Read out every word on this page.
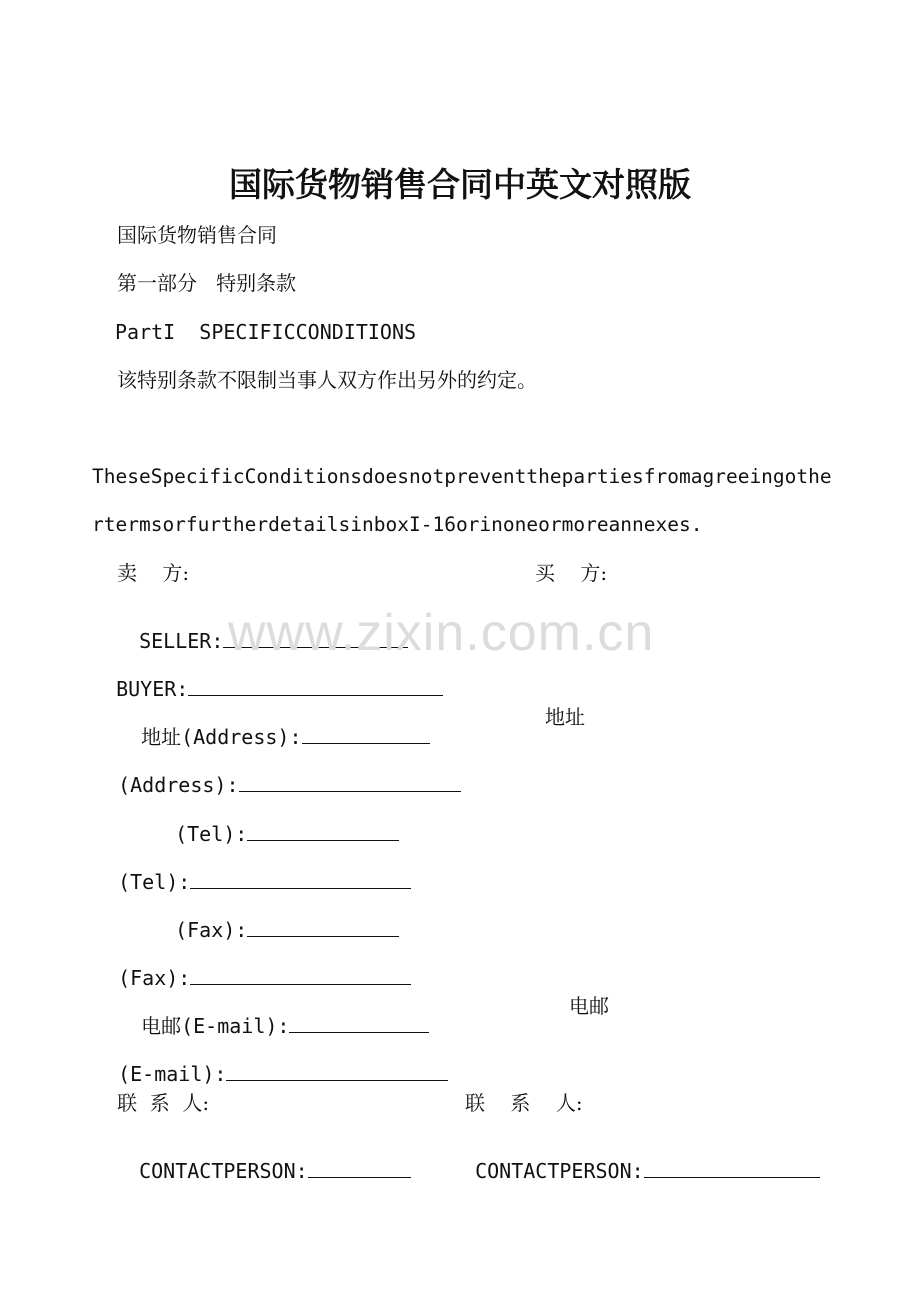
国际货物销售合同中英文对照版
国际货物销售合同
第一部分   特别条款
PartI  SPECIFICCONDITIONS
该特别条款不限制当事人双方作出另外的约定。
TheseSpecificConditionsdoesnotpreventthepartiesfromagreeingothe
rtermsorfurtherdetailsinboxI-16orinoneormoreannexes.
卖    方:	买    方:

SELLER:

BUYER:

地址(Address):

地址

(Address):

(Tel):

(Tel):

(Fax):

(Fax):

电邮(E-mail):

电邮

(E-mail):

联  系  人:	联    系    人:

CONTACTPERSON:	CONTACTPERSON:

www.zixin.com.cn
